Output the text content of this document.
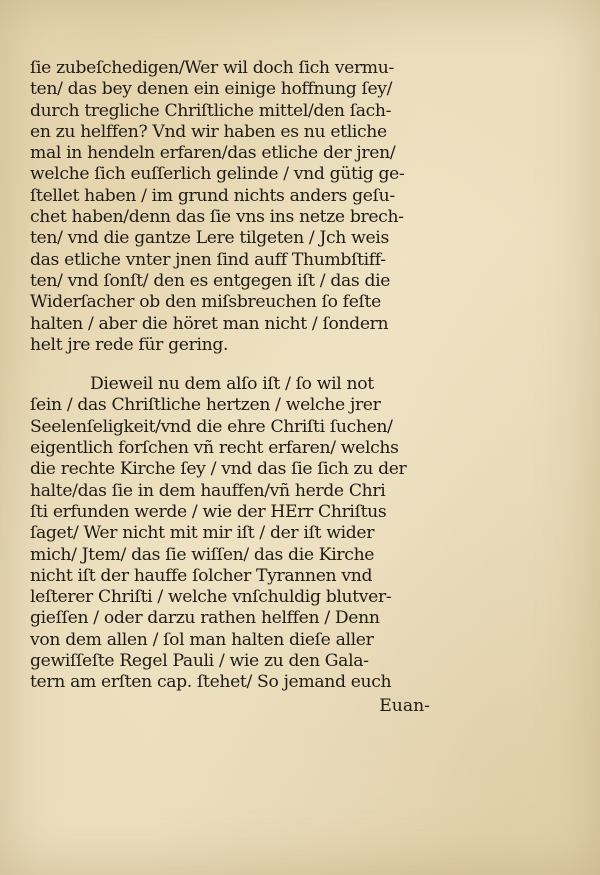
ſie zubeſchedigen/Wer wil doch ſich vermu-
ten/ das bey denen ein einige hoffnung ſey/
durch tregliche Chriſtliche mittel/den ſach-
en zu helffen? Vnd wir haben es nu etliche
mal in hendeln erfaren/das etliche der jren/
welche ſich euſſerlich gelinde / vnd gütig ge-
ſtellet haben / im grund nichts anders geſu-
chet haben/denn das ſie vns ins netze brech-
ten/ vnd die gantze Lere tilgeten / Jch weis
das etliche vnter jnen ſind auff Thumbſtiff-
ten/ vnd ſonſt/ den es entgegen iſt / das die
Widerſacher ob den miſsbreuchen ſo feſte
halten / aber die höret man nicht / ſondern
helt jre rede für gering.
Dieweil nu dem alſo iſt / ſo wil not
ſein / das Chriſtliche hertzen / welche jrer
Seelenſeligkeit/vnd die ehre Chriſti ſuchen/
eigentlich forſchen vñ recht erfaren/ welchs
die rechte Kirche ſey / vnd das ſie ſich zu der
halte/das ſie in dem hauffen/vñ herde Chri
ſti erfunden werde / wie der HErr Chriſtus
ſaget/ Wer nicht mit mir iſt / der iſt wider
mich/ Jtem/ das ſie wiſſen/ das die Kirche
nicht iſt der hauffe ſolcher Tyrannen vnd
leſterer Chriſti / welche vnſchuldig blutver-
gieſſen / oder darzu rathen helffen / Denn
von dem allen / ſol man halten dieſe aller
gewiſſeſte Regel Pauli / wie zu den Gala-
tern am erſten cap. ſtehet/ So jemand euch
Euan-
